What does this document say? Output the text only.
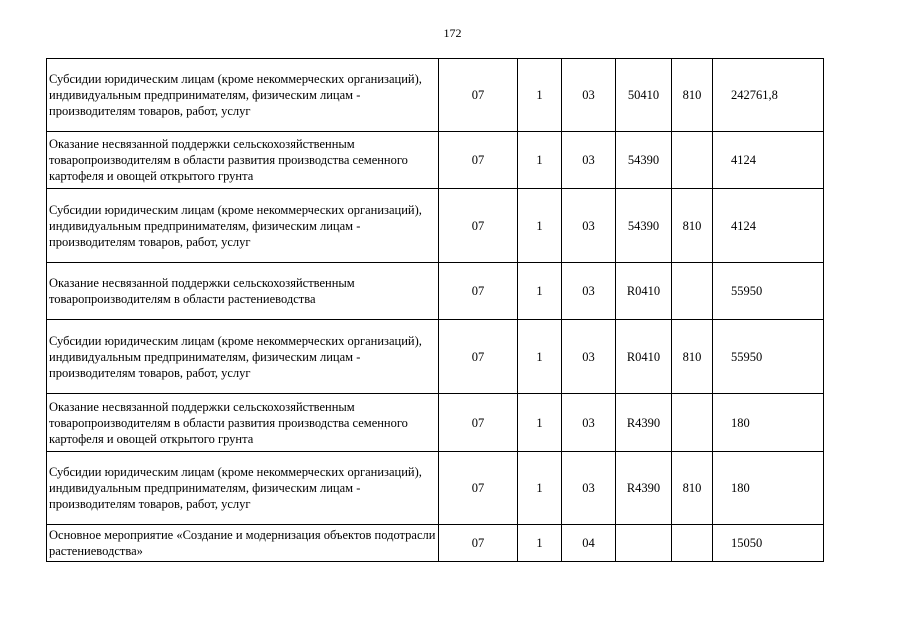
172
Субсидии юридическим лицам (кроме некоммерческих организаций), индивидуальным предпринимателям, физическим лицам - производителям товаров, работ, услуг	07	1	03	50410	810	242761,8
Оказание несвязанной поддержки сельскохозяйственным товаропроизводителям в области развития производства семенного картофеля и овощей открытого грунта	07	1	03	54390		4124
Субсидии юридическим лицам (кроме некоммерческих организаций), индивидуальным предпринимателям, физическим лицам - производителям товаров, работ, услуг	07	1	03	54390	810	4124
Оказание несвязанной поддержки сельскохозяйственным товаропроизводителям в области растениеводства	07	1	03	R0410		55950
Субсидии юридическим лицам (кроме некоммерческих организаций), индивидуальным предпринимателям, физическим лицам - производителям товаров, работ, услуг	07	1	03	R0410	810	55950
Оказание несвязанной поддержки сельскохозяйственным товаропроизводителям в области развития производства семенного картофеля и овощей открытого грунта	07	1	03	R4390		180
Субсидии юридическим лицам (кроме некоммерческих организаций), индивидуальным предпринимателям, физическим лицам - производителям товаров, работ, услуг	07	1	03	R4390	810	180
Основное мероприятие «Создание и модернизация объектов подотрасли растениеводства»	07	1	04			15050
